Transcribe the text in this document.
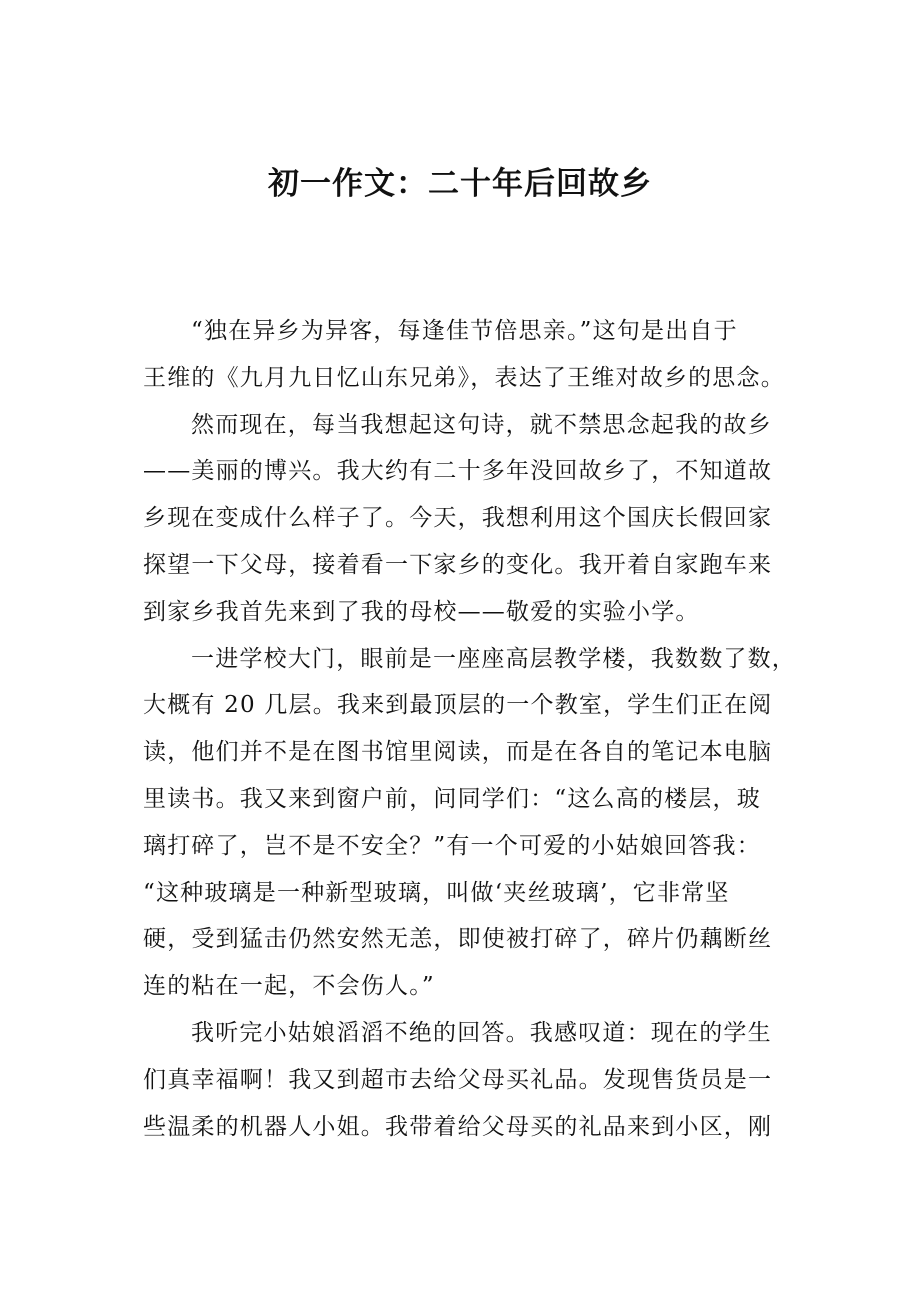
初一作文：二十年后回故乡

“独在异乡为异客，每逢佳节倍思亲。”这句是出自于

王维的《九月九日忆山东兄弟》，表达了王维对故乡的思念。

然而现在，每当我想起这句诗，就不禁思念起我的故乡

——美丽的博兴。我大约有二十多年没回故乡了，不知道故

乡现在变成什么样子了。今天，我想利用这个国庆长假回家

探望一下父母，接着看一下家乡的变化。我开着自家跑车来

到家乡我首先来到了我的母校——敬爱的实验小学。

一进学校大门，眼前是一座座高层教学楼，我数数了数，

大概有 20 几层。我来到最顶层的一个教室，学生们正在阅

读，他们并不是在图书馆里阅读，而是在各自的笔记本电脑

里读书。我又来到窗户前，问同学们：“这么高的楼层，玻

璃打碎了，岂不是不安全？”有一个可爱的小姑娘回答我：

“这种玻璃是一种新型玻璃，叫做‘夹丝玻璃’，它非常坚

硬，受到猛击仍然安然无恙，即使被打碎了，碎片仍藕断丝

连的粘在一起，不会伤人。”

我听完小姑娘滔滔不绝的回答。我感叹道：现在的学生

们真幸福啊！我又到超市去给父母买礼品。发现售货员是一

些温柔的机器人小姐。我带着给父母买的礼品来到小区，刚
